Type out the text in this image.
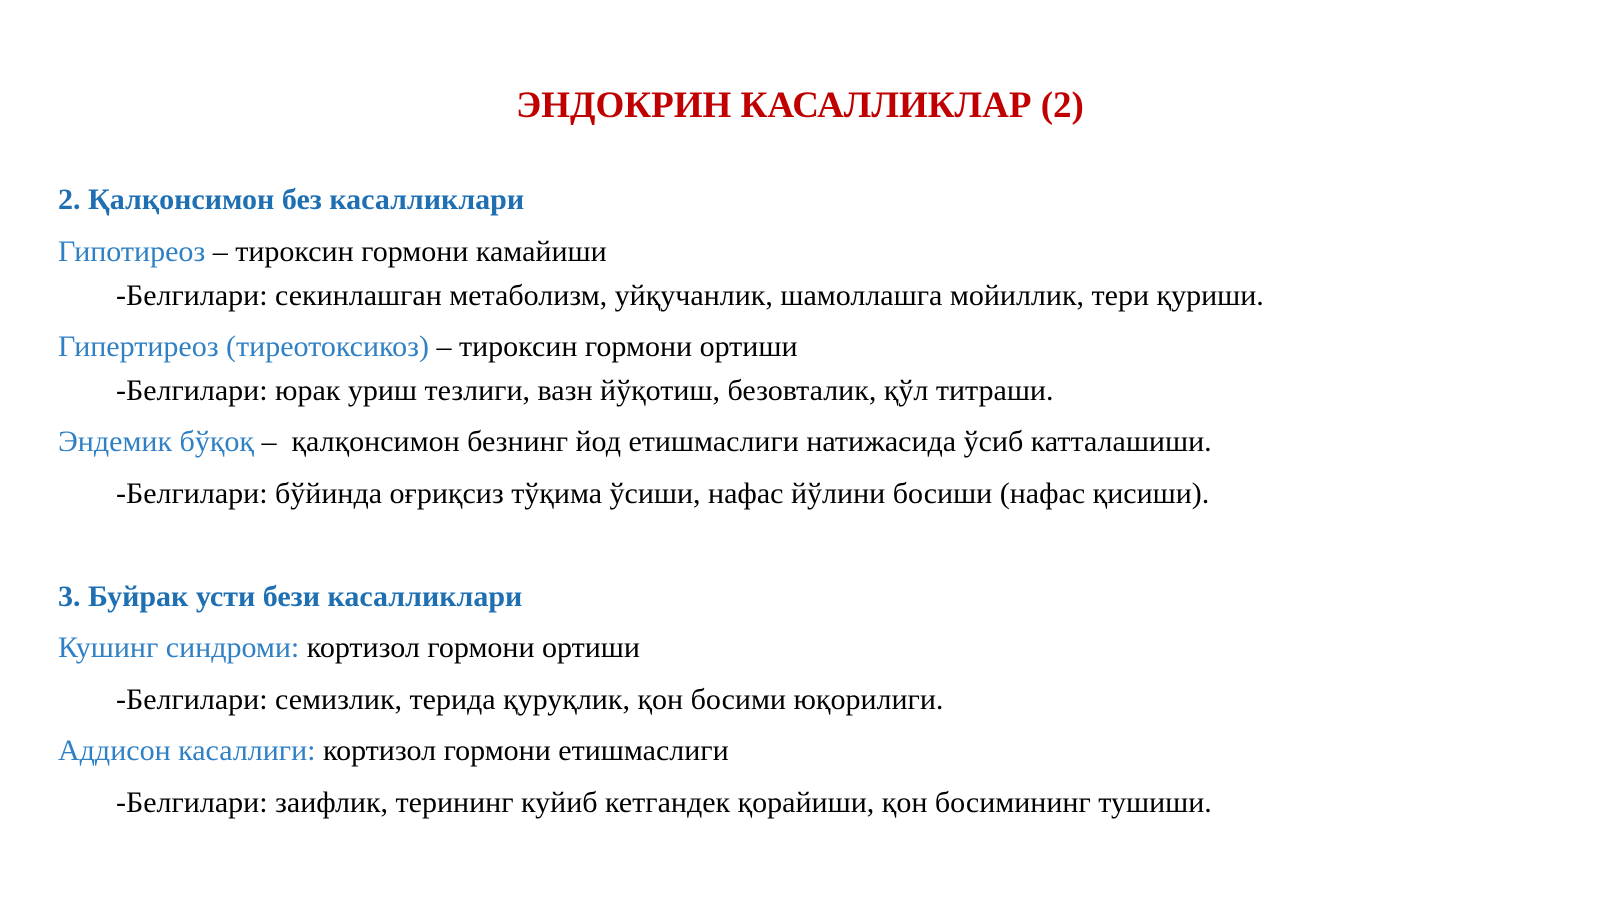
ЭНДОКРИН КАСАЛЛИКЛАР (2)
2. Қалқонсимон без касалликлари
Гипотиреоз – тироксин гормони камайиши
-Белгилари: секинлашган метаболизм, уйқучанлик, шамоллашга мойиллик, тери қуриши.
Гипертиреоз (тиреотоксикоз) – тироксин гормони ортиши
-Белгилари: юрак уриш тезлиги, вазн йўқотиш, безовталик, қўл титраши.
Эндемик бўқоқ –  қалқонсимон безнинг йод етишмаслиги натижасида ўсиб катталашиши.
-Белгилари: бўйинда оғриқсиз тўқима ўсиши, нафас йўлини босиши (нафас қисиши).
3. Буйрак усти бези касалликлари
Кушинг синдроми: кортизол гормони ортиши
-Белгилари: семизлик, терида қуруқлик, қон босими юқорилиги.
Аддисон касаллиги: кортизол гормони етишмаслиги
-Белгилари: заифлик, терининг куйиб кетгандек қорайиши, қон босимининг тушиши.
